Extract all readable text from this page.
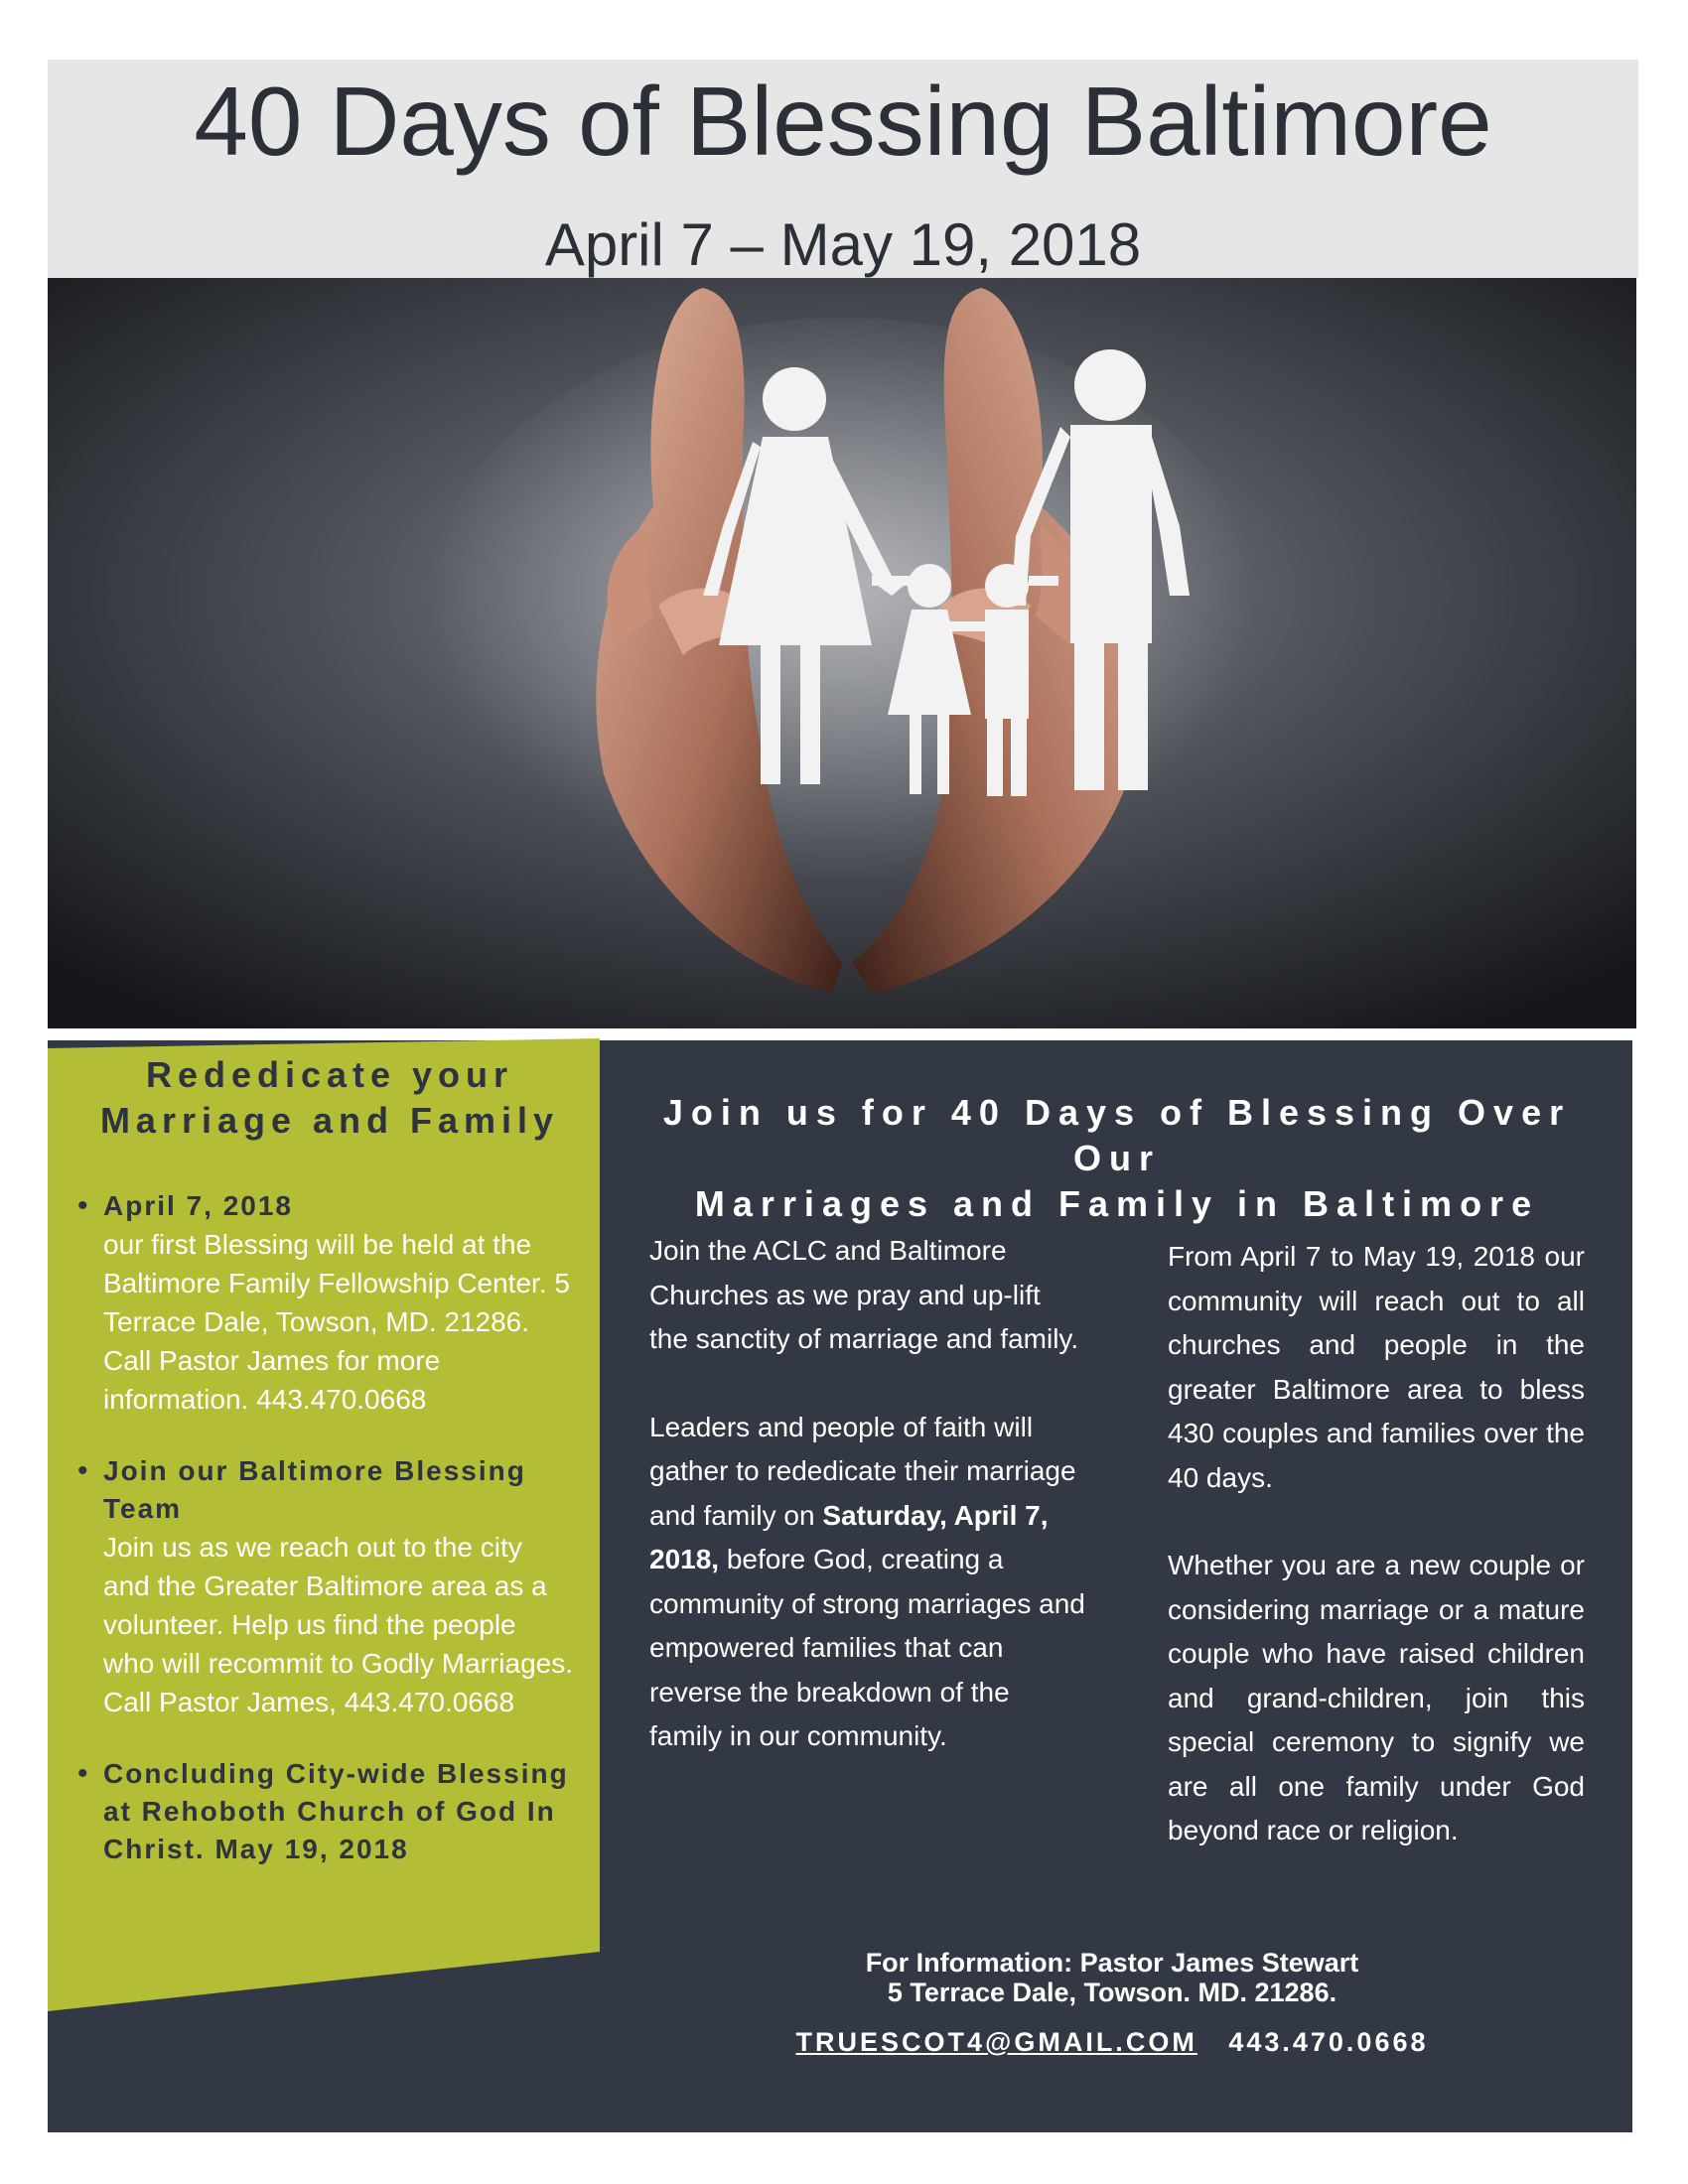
40 Days of Blessing Baltimore
April 7 – May 19, 2018
Rededicate your
Marriage and Family
• April 7, 2018
our first Blessing will be held at the Baltimore Family Fellowship Center. 5 Terrace Dale, Towson, MD. 21286. Call Pastor James for more information. 443.470.0668
• Join our Baltimore Blessing Team
Join us as we reach out to the city and the Greater Baltimore area as a volunteer. Help us find the people who will recommit to Godly Marriages. Call Pastor James, 443.470.0668
• Concluding City-wide Blessing at Rehoboth Church of God In Christ. May 19, 2018
Join us for 40 Days of Blessing Over Our
Marriages and Family in Baltimore

Join the ACLC and Baltimore Churches as we pray and up-lift the sanctity of marriage and family.

Leaders and people of faith will gather to rededicate their marriage and family on Saturday, April 7, 2018, before God, creating a community of strong marriages and empowered families that can reverse the breakdown of the family in our community.

From April 7 to May 19, 2018 our community will reach out to all churches and people in the greater Baltimore area to bless 430 couples and families over the 40 days.

Whether you are a new couple or considering marriage or a mature couple who have raised children and grand-children, join this special ceremony to signify we are all one family under God beyond race or religion.

For Information: Pastor James Stewart
5 Terrace Dale, Towson. MD. 21286.
TRUESCOT4@GMAIL.COM 443.470.0668
